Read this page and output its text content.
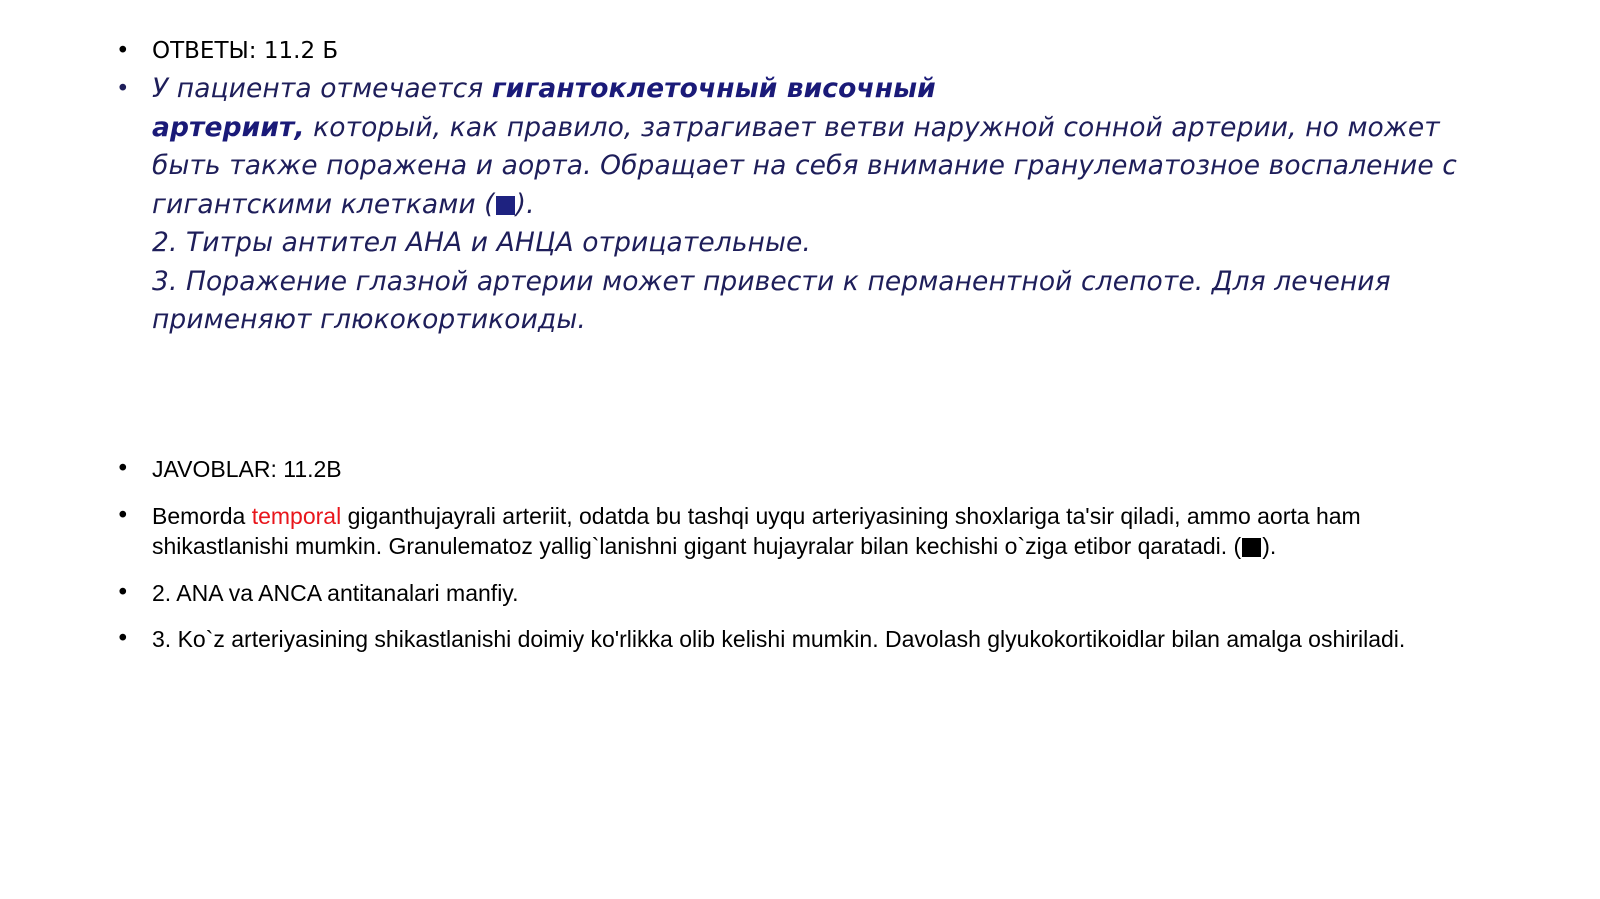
• ОТВЕТЫ: 11.2 Б
• У пациента отмечается гигантоклеточный височный
артериит, который, как правило, затрагивает ветви наружной сонной артерии, но может быть также поражена и аорта. Обращает на себя внимание гранулематозное воспаление с гигантскими клетками ( ).
2. Титры антител АНА и АНЦА отрицательные.
3. Поражение глазной артерии может привести к перманентной слепоте. Для лечения применяют глюкокортикоиды.
• JAVOBLAR: 11.2B
• Bemorda temporal giganthujayrali arteriit, odatda bu tashqi uyqu arteriyasining shoxlariga ta'sir qiladi, ammo aorta ham shikastlanishi mumkin. Granulematoz yallig`lanishni gigant hujayralar bilan kechishi o`ziga etibor qaratadi. ( ).
• 2. ANA va ANCA antitanalari manfiy.
• 3. Ko`z arteriyasining shikastlanishi doimiy ko'rlikka olib kelishi mumkin. Davolash glyukokortikoidlar bilan amalga oshiriladi.
